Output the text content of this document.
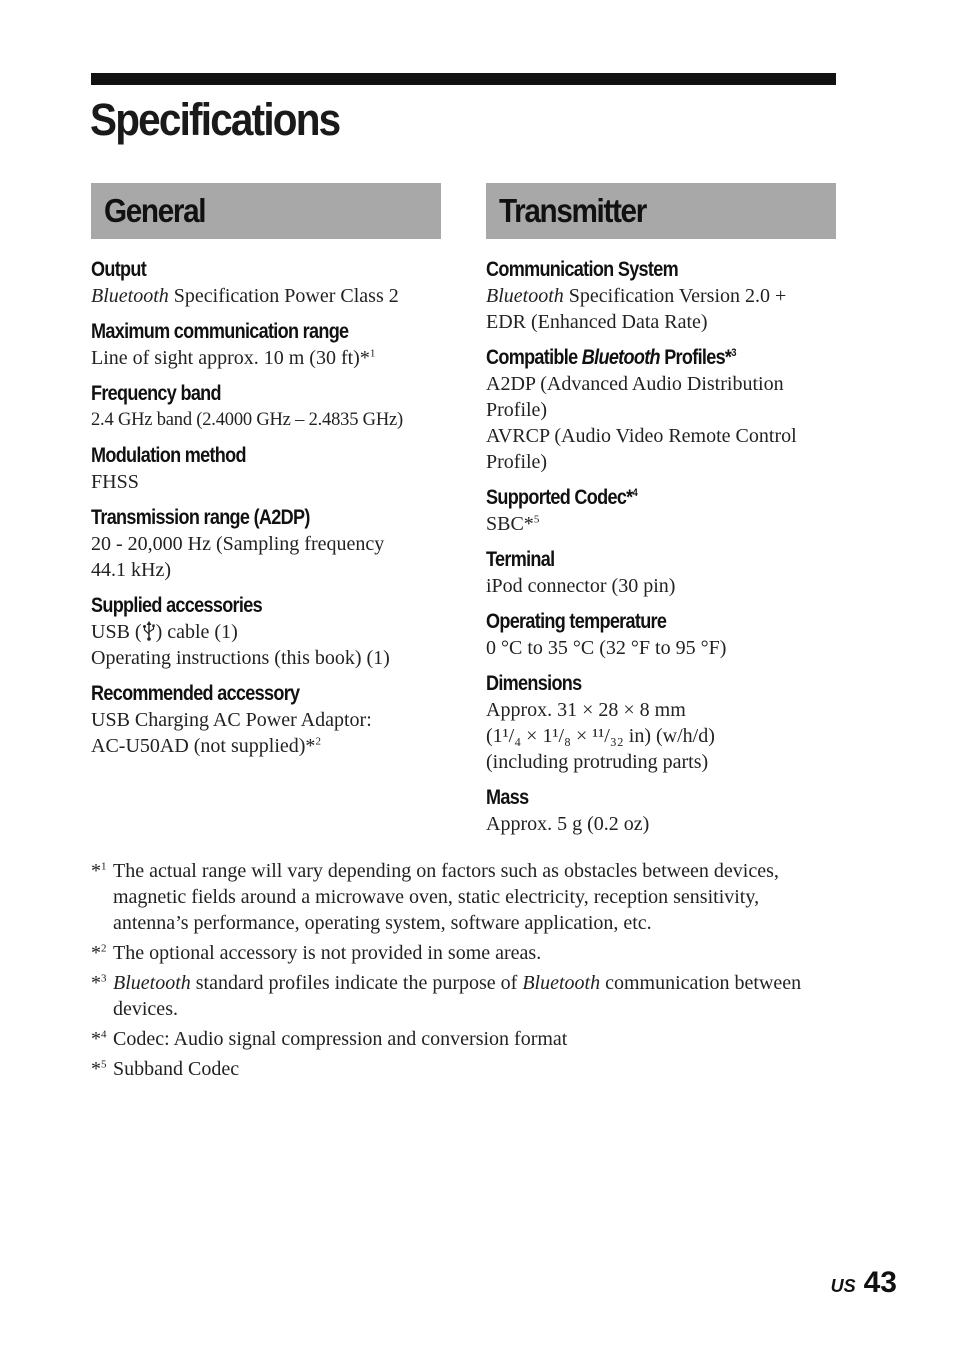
Specifications
General
Output
Bluetooth Specification Power Class 2
Maximum communication range
Line of sight approx. 10 m (30 ft)*$^1$
Frequency band
2.4 GHz band (2.4000 GHz – 2.4835 GHz)
Modulation method
FHSS
Transmission range (A2DP)
20 - 20,000 Hz (Sampling frequency
44.1 kHz)
Supplied accessories
USB ( ) cable (1)
Operating instructions (this book) (1)
Recommended accessory
USB Charging AC Power Adaptor:
AC-U50AD (not supplied)*$^2$
Transmitter
Communication System
Bluetooth Specification Version 2.0 +
EDR (Enhanced Data Rate)
Compatible Bluetooth Profiles*$^3$
A2DP (Advanced Audio Distribution
Profile)
AVRCP (Audio Video Remote Control
Profile)
Supported Codec*$^4$
SBC*$^5$
Terminal
iPod connector (30 pin)
Operating temperature
0 °C to 35 °C (32 °F to 95 °F)
Dimensions
Approx. 31 × 28 × 8 mm
(1¹/₄ × 1¹/₈ × ¹¹/₃₂ in) (w/h/d)
(including protruding parts)
Mass
Approx. 5 g (0.2 oz)
*$^1$ The actual range will vary depending on factors such as obstacles between devices, magnetic fields around a microwave oven, static electricity, reception sensitivity, antenna’s performance, operating system, software application, etc.
*$^2$ The optional accessory is not provided in some areas.
*$^3$ Bluetooth standard profiles indicate the purpose of Bluetooth communication between devices.
*$^4$ Codec: Audio signal compression and conversion format
*$^5$ Subband Codec
US 43
